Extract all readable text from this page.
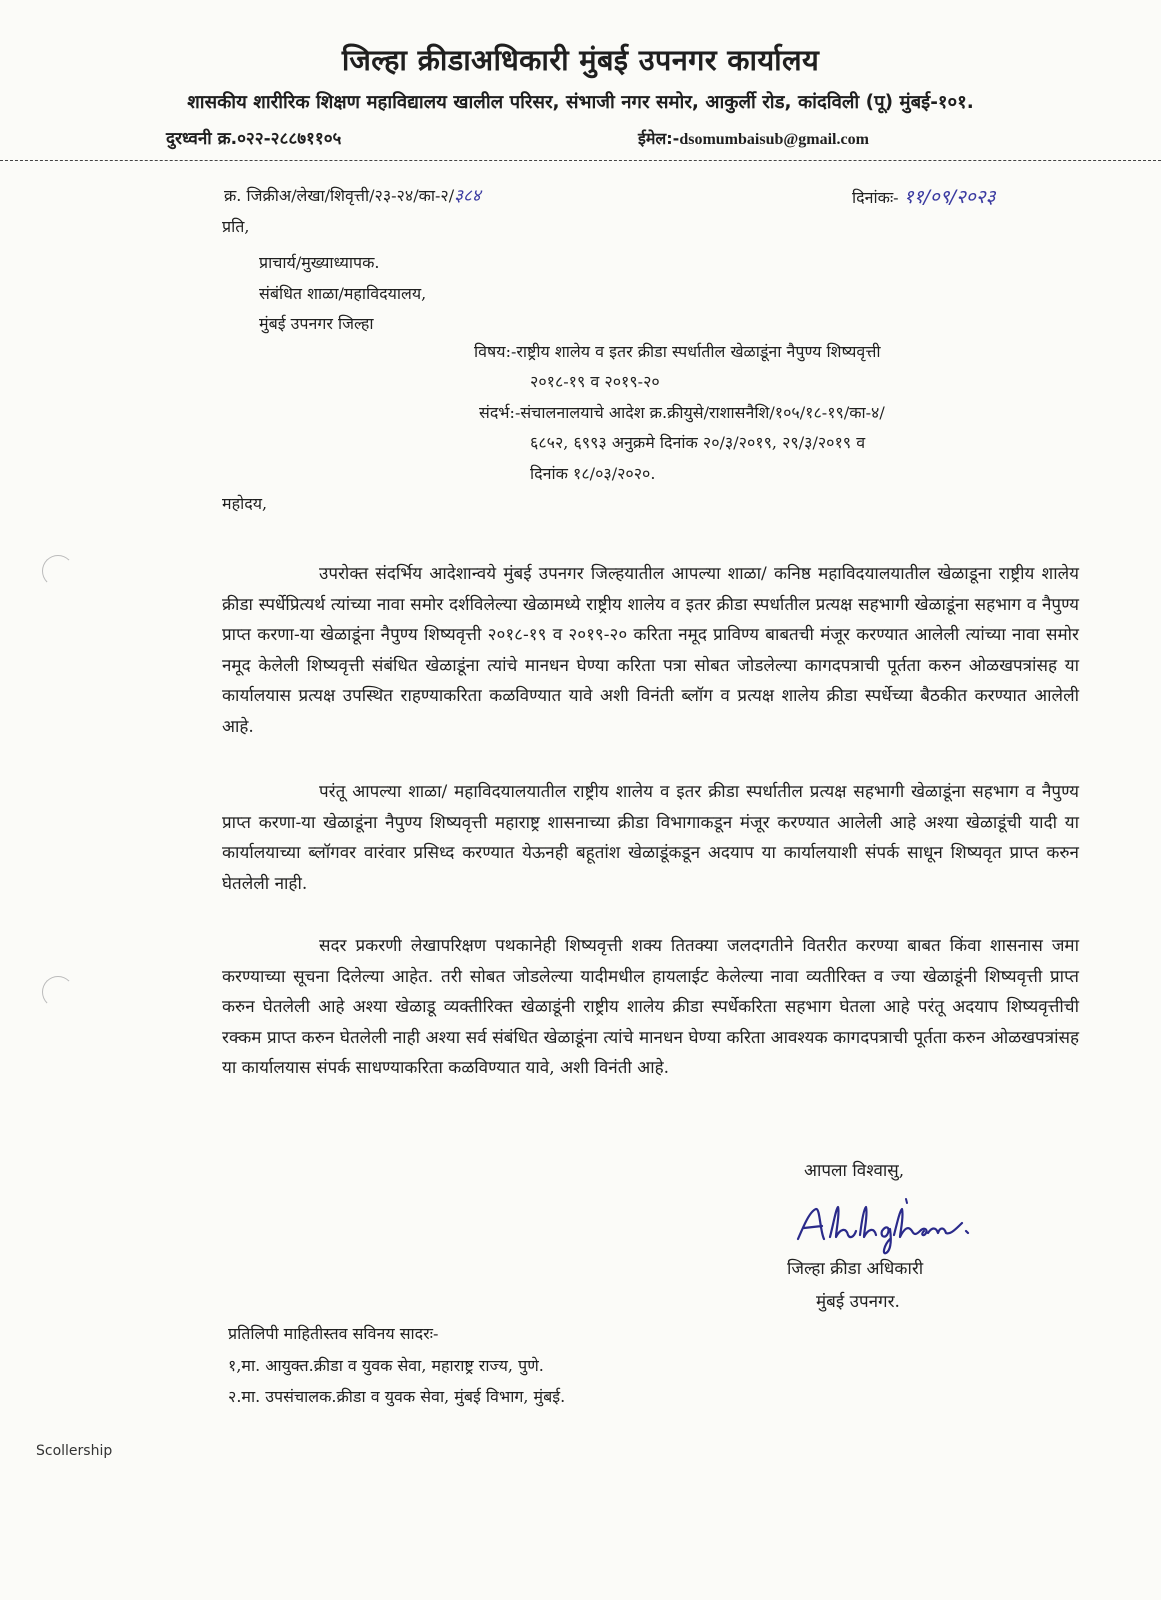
जिल्हा क्रीडाअधिकारी मुंबई उपनगर कार्यालय
शासकीय शारीरिक शिक्षण महाविद्यालय खालील परिसर, संभाजी नगर समोर, आकुर्ली रोड, कांदविली (पू) मुंबई-१०१.
दुरध्वनी क्र.०२२-२८८७११०५	ईमेल:-dsomumbaisub@gmail.com
क्र. जिक्रीअ/लेखा/शिवृत्ती/२३-२४/का-२/३८४	दिनांकः- ११/०९/२०२३
प्रति,
प्राचार्य/मुख्याध्यापक.
संबंधित शाळा/महाविदयालय,
मुंबई उपनगर जिल्हा
विषय:-राष्ट्रीय शालेय व इतर क्रीडा स्पर्धातील खेळाडूंना नैपुण्य शिष्यवृत्ती
२०१८-१९ व २०१९-२०
संदर्भ:-संचालनालयाचे आदेश क्र.क्रीयुसे/राशासनैशि/१०५/१८-१९/का-४/
६८५२, ६९९३ अनुक्रमे दिनांक २०/३/२०१९, २९/३/२०१९ व
दिनांक १८/०३/२०२०.
महोदय,
उपरोक्त संदर्भिय आदेशान्वये मुंबई उपनगर जिल्हयातील आपल्या शाळा/ कनिष्ठ महाविदयालयातील खेळाडूना राष्ट्रीय शालेय क्रीडा स्पर्धेप्रित्यर्थ त्यांच्या नावा समोर दर्शविलेल्या खेळामध्ये राष्ट्रीय शालेय व इतर क्रीडा स्पर्धातील प्रत्यक्ष सहभागी खेळाडूंना सहभाग व नैपुण्य प्राप्त करणा-या खेळाडूंना नैपुण्य शिष्यवृत्ती २०१८-१९ व २०१९-२० करिता नमूद प्राविण्य बाबतची मंजूर करण्यात आलेली त्यांच्या नावा समोर नमूद केलेली शिष्यवृत्ती संबंधित खेळाडूंना त्यांचे मानधन घेण्या करिता पत्रा सोबत जोडलेल्या कागदपत्राची पूर्तता करुन ओळखपत्रांसह या कार्यालयास प्रत्यक्ष उपस्थित राहण्याकरिता कळविण्यात यावे अशी विनंती ब्लॉग व प्रत्यक्ष शालेय क्रीडा स्पर्धेच्या बैठकीत करण्यात आलेली आहे.
परंतू आपल्या शाळा/ महाविदयालयातील राष्ट्रीय शालेय व इतर क्रीडा स्पर्धातील प्रत्यक्ष सहभागी खेळाडूंना सहभाग व नैपुण्य प्राप्त करणा-या खेळाडूंना नैपुण्य शिष्यवृत्ती महाराष्ट्र शासनाच्या क्रीडा विभागाकडून मंजूर करण्यात आलेली आहे अश्या खेळाडूंची यादी या कार्यालयाच्या ब्लॉगवर वारंवार प्रसिध्द करण्यात येऊनही बहूतांश खेळाडूंकडून अदयाप या कार्यालयाशी संपर्क साधून शिष्यवृत प्राप्त करुन घेतलेली नाही.
सदर प्रकरणी लेखापरिक्षण पथकानेही शिष्यवृत्ती शक्य तितक्या जलदगतीने वितरीत करण्या बाबत किंवा शासनास जमा करण्याच्या सूचना दिलेल्या आहेत. तरी सोबत जोडलेल्या यादीमधील हायलाईट केलेल्या नावा व्यतीरिक्त व ज्या खेळाडूंनी शिष्यवृत्ती प्राप्त करुन घेतलेली आहे अश्या खेळाडू व्यक्तीरिक्त खेळाडूंनी राष्ट्रीय शालेय क्रीडा स्पर्धेकरिता सहभाग घेतला आहे परंतू अदयाप शिष्यवृत्तीची रक्कम प्राप्त करुन घेतलेली नाही अश्या सर्व संबंधित खेळाडूंना त्यांचे मानधन घेण्या करिता आवश्यक कागदपत्राची पूर्तता करुन ओळखपत्रांसह या कार्यालयास संपर्क साधण्याकरिता कळविण्यात यावे, अशी विनंती आहे.
आपला विश्वासु,
जिल्हा क्रीडा अधिकारी
मुंबई उपनगर.
प्रतिलिपी माहितीस्तव सविनय सादरः-
१,मा. आयुक्त.क्रीडा व युवक सेवा, महाराष्ट्र राज्य, पुणे.
२.मा. उपसंचालक.क्रीडा व युवक सेवा, मुंबई विभाग, मुंबई.
Scollership
